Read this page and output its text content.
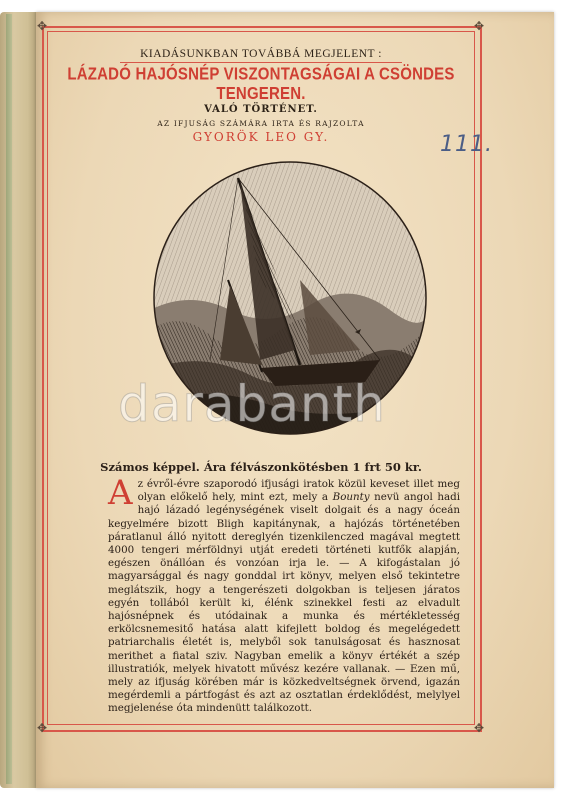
✥	✥
✥	✥

KIADÁSUNKBAN TOVÁBBÁ MEGJELENT :

LÁZADÓ HAJÓSNÉP VISZONTAGSÁGAI A CSÖNDES TENGEREN.

VALÓ TÖRTÉNET.

AZ IFJUSÁG SZÁMÁRA IRTA ÉS RAJZOLTA

GYORÖK LEO GY.	111.
darabanth

Számos képpel. Ára félvászonkötésben 1 frt 50 kr.

Az évről-évre szaporodó ifjusági iratok közül keveset illet meg olyan előkelő hely, mint ezt, mely a Bounty nevü angol hadi hajó lázadó legénységének viselt dolgait és a nagy óceán kegyelmére bizott Bligh kapitánynak, a hajózás történetében páratlanul álló nyitott dereglyén tizenkilenczed magával megtett 4000 tengeri mérföldnyi utját eredeti történeti kutfők alapján, egészen önállóan és vonzóan irja le. — A kifogástalan jó magyarsággal és nagy gonddal irt könyv, melyen első tekintetre meglátszik, hogy a tengerészeti dolgokban is teljesen járatos egyén tollából került ki, élénk szinekkel festi az elvadult hajósnépnek és utódainak a munka és mértékletesség erkölcsnemesitő hatása alatt kifejlett boldog és megelégedett patriarchalis életét is, melyből sok tanulságosat és hasznosat merithet a fiatal sziv. Nagyban emelik a könyv értékét a szép illustratiók, melyek hivatott művész kezére vallanak. — Ezen mű, mely az ifjuság körében már is közkedveltségnek örvend, igazán megérdemli a pártfogást és azt az osztatlan érdeklődést, melylyel megjelenése óta mindenütt találkozott.
